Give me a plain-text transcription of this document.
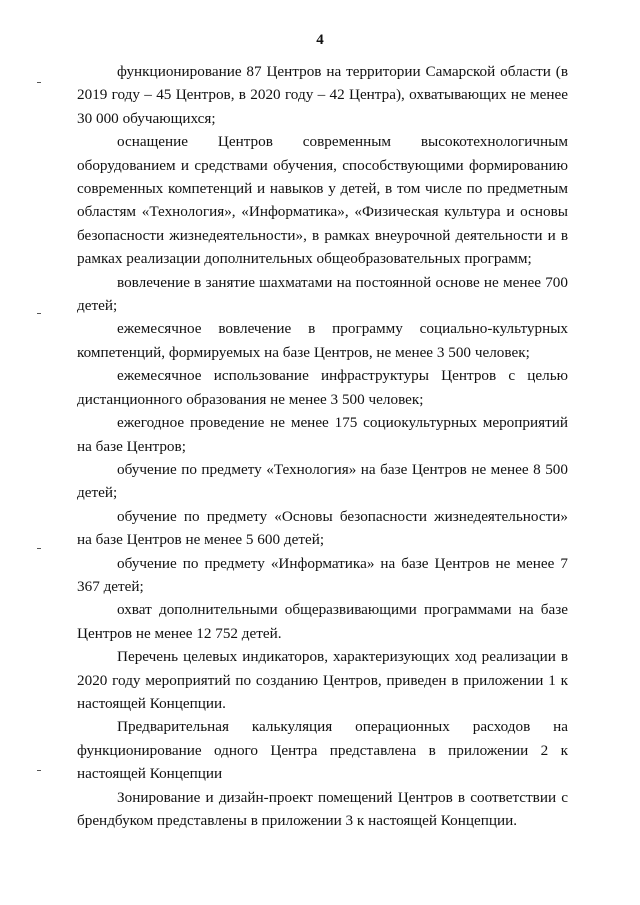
4

функционирование 87 Центров на территории Самарской области (в 2019 году – 45 Центров, в 2020 году – 42 Центра), охватывающих не менее 30 000 обучающихся;

оснащение Центров современным высокотехнологичным оборудованием и средствами обучения, способствующими формированию современных компетенций и навыков у детей, в том числе по предметным областям «Технология», «Информатика», «Физическая культура и основы безопасности жизнедеятельности», в рамках внеурочной деятельности и в рамках реализации дополнительных общеобразовательных программ;

вовлечение в занятие шахматами на постоянной основе не менее 700 детей;

ежемесячное вовлечение в программу социально-культурных компетенций, формируемых на базе Центров, не менее 3 500 человек;

ежемесячное использование инфраструктуры Центров с целью дистанционного образования не менее 3 500 человек;

ежегодное проведение не менее 175 социокультурных мероприятий на базе Центров;

обучение по предмету «Технология» на базе Центров не менее 8 500 детей;

обучение по предмету «Основы безопасности жизнедеятельности» на базе Центров не менее 5 600 детей;

обучение по предмету «Информатика» на базе Центров не менее 7 367 детей;

охват дополнительными общеразвивающими программами на базе Центров не менее 12 752 детей.

Перечень целевых индикаторов, характеризующих ход реализации в 2020 году мероприятий по созданию Центров, приведен в приложении 1 к настоящей Концепции.

Предварительная калькуляция операционных расходов на функционирование одного Центра представлена в приложении 2 к настоящей Концепции

Зонирование и дизайн-проект помещений Центров в соответствии с брендбуком представлены в приложении 3 к настоящей Концепции.
